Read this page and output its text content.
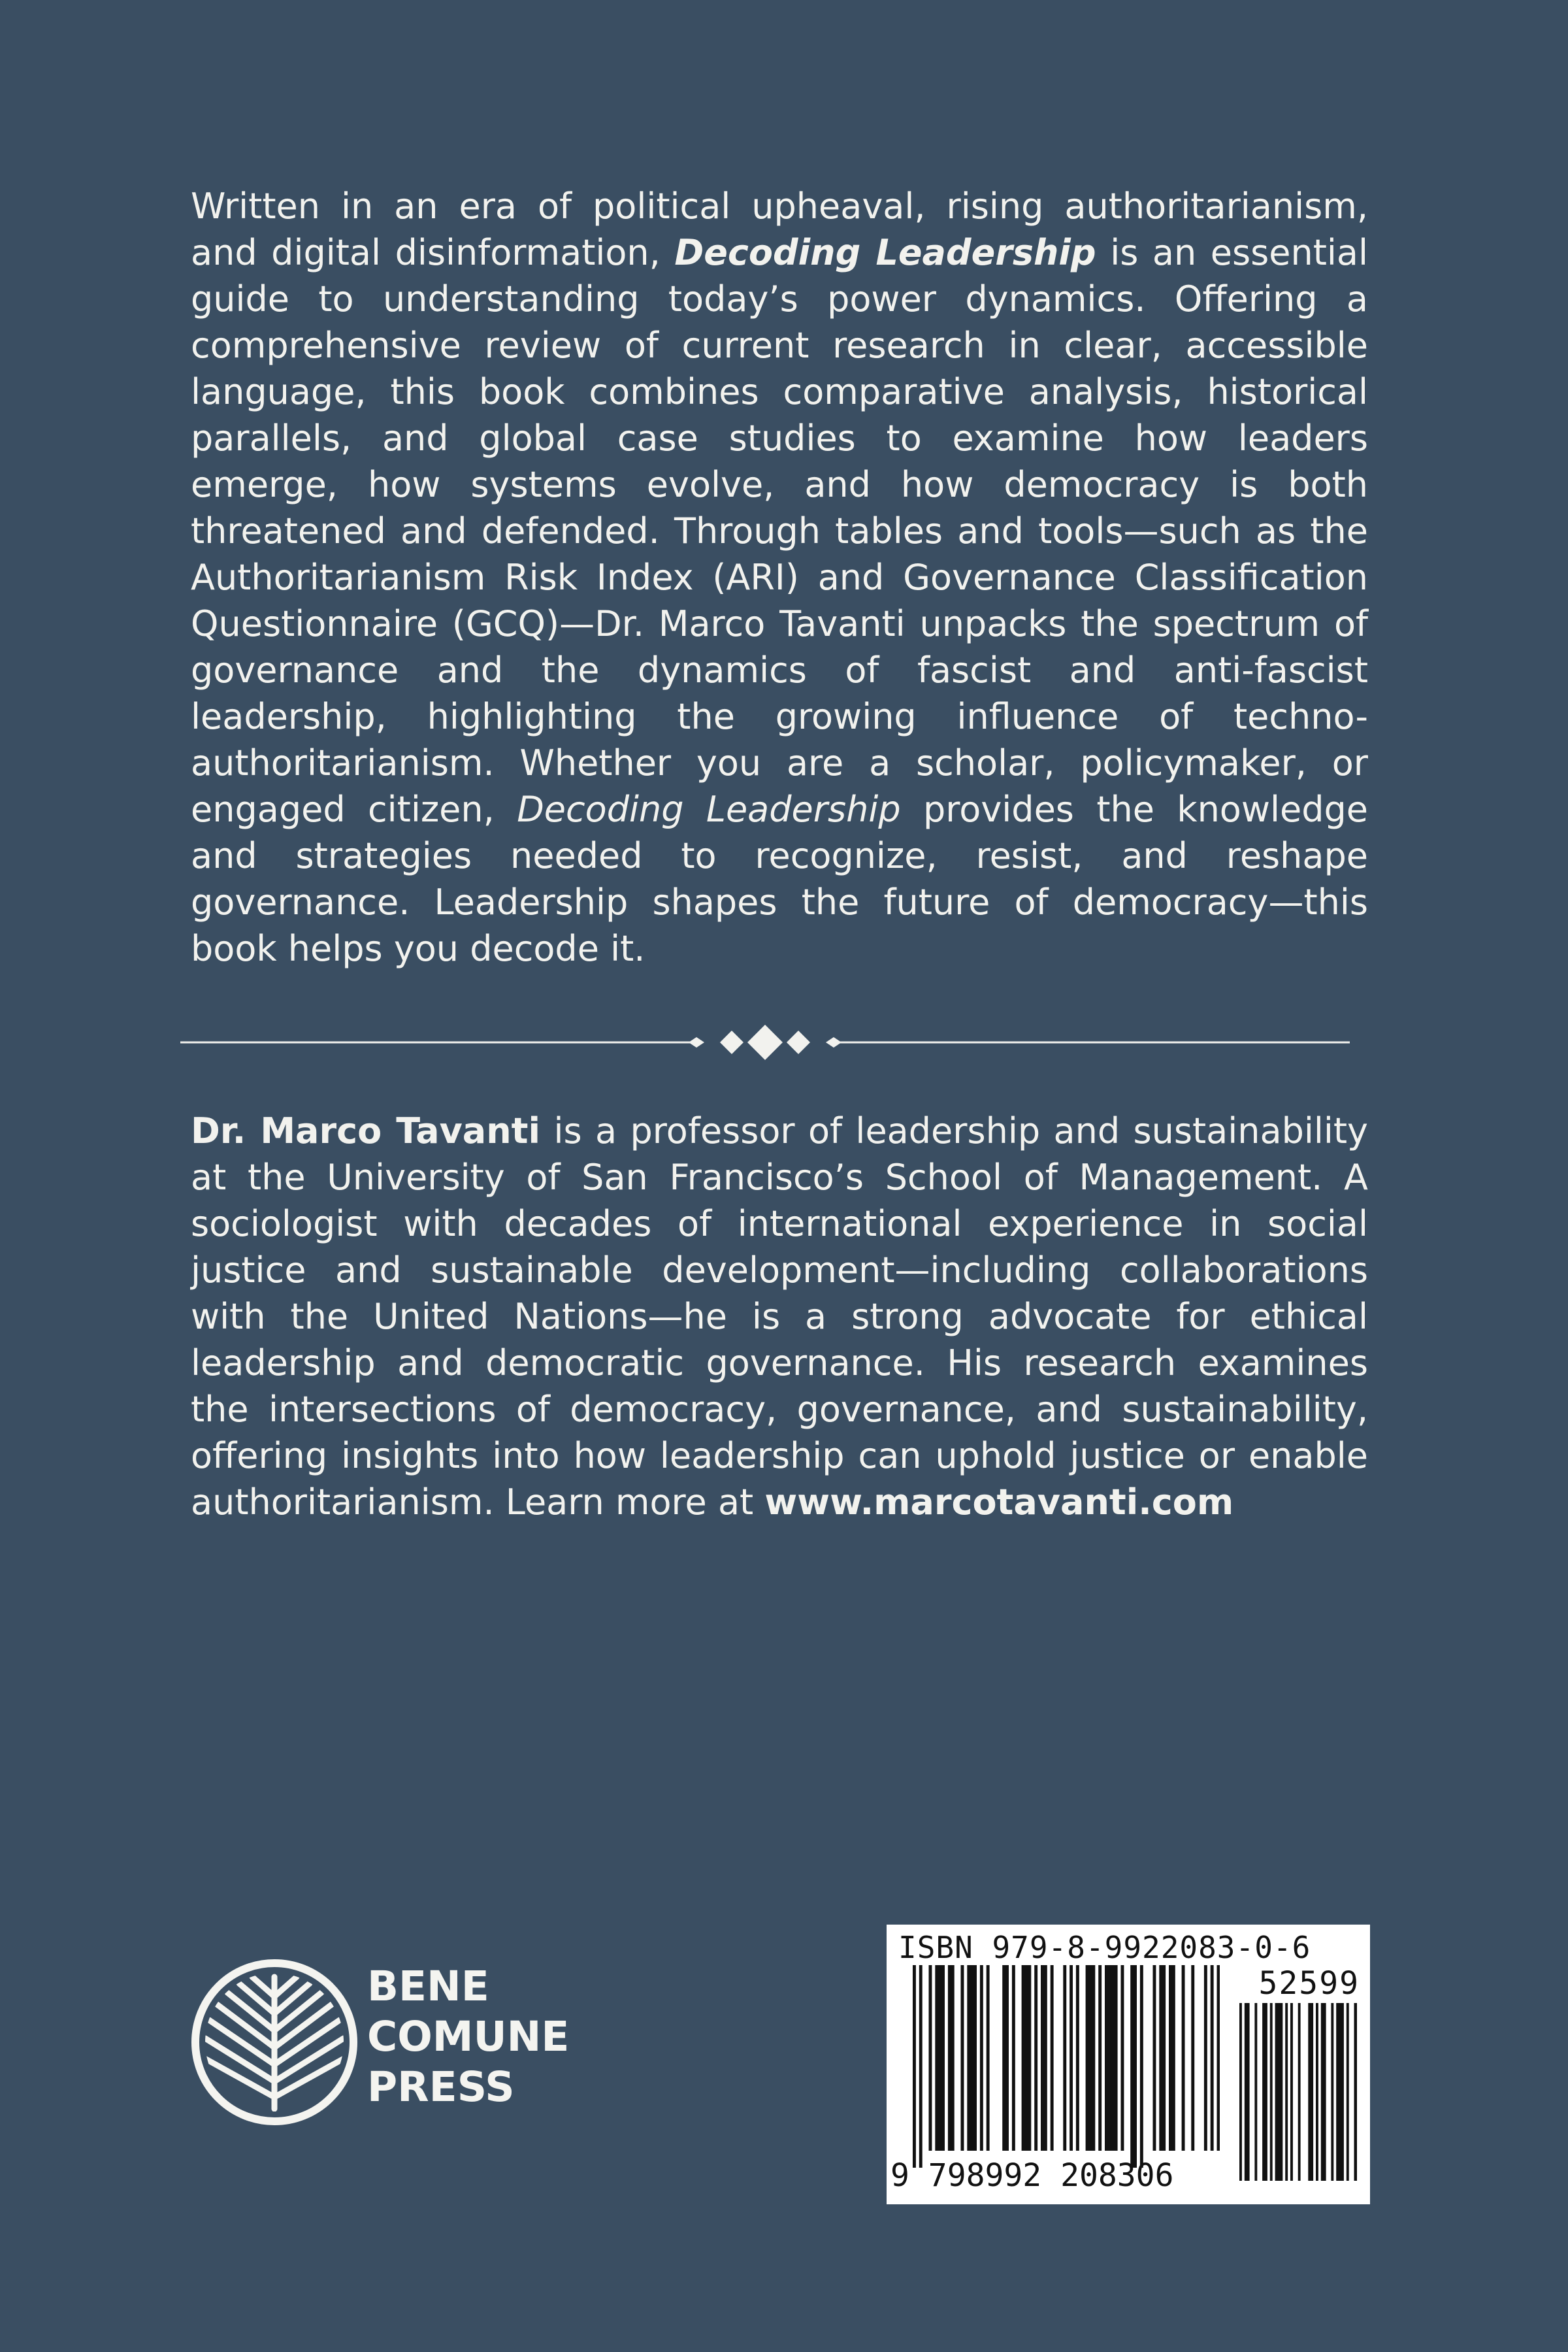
Written in an era of political upheaval, rising authoritarianism, and digital disinformation, Decoding Leadership is an essential guide to understanding today’s power dynamics. Offering a comprehensive review of current research in clear, accessible language, this book combines comparative analysis, historical parallels, and global case studies to examine how leaders emerge, how systems evolve, and how democracy is both threatened and defended. Through tables and tools—such as the Authoritarianism Risk Index (ARI) and Governance Classification Questionnaire (GCQ)—Dr. Marco Tavanti unpacks the spectrum of governance and the dynamics of fascist and anti-fascist leadership, highlighting the growing influence of techno-authoritarianism. Whether you are a scholar, policymaker, or engaged citizen, Decoding Leadership provides the knowledge and strategies needed to recognize, resist, and reshape governance. Leadership shapes the future of democracy—this book helps you decode it.

Dr. Marco Tavanti is a professor of leadership and sustainability at the University of San Francisco’s School of Management. A sociologist with decades of international experience in social justice and sustainable development—including collaborations with the United Nations—he is a strong advocate for ethical leadership and democratic governance. His research examines the intersections of democracy, governance, and sustainability, offering insights into how leadership can uphold justice or enable authoritarianism. Learn more at www.marcotavanti.com

BENE
COMUNE
PRESS
ISBN 979-8-9922083-0-6
52599
9 798992 208306
